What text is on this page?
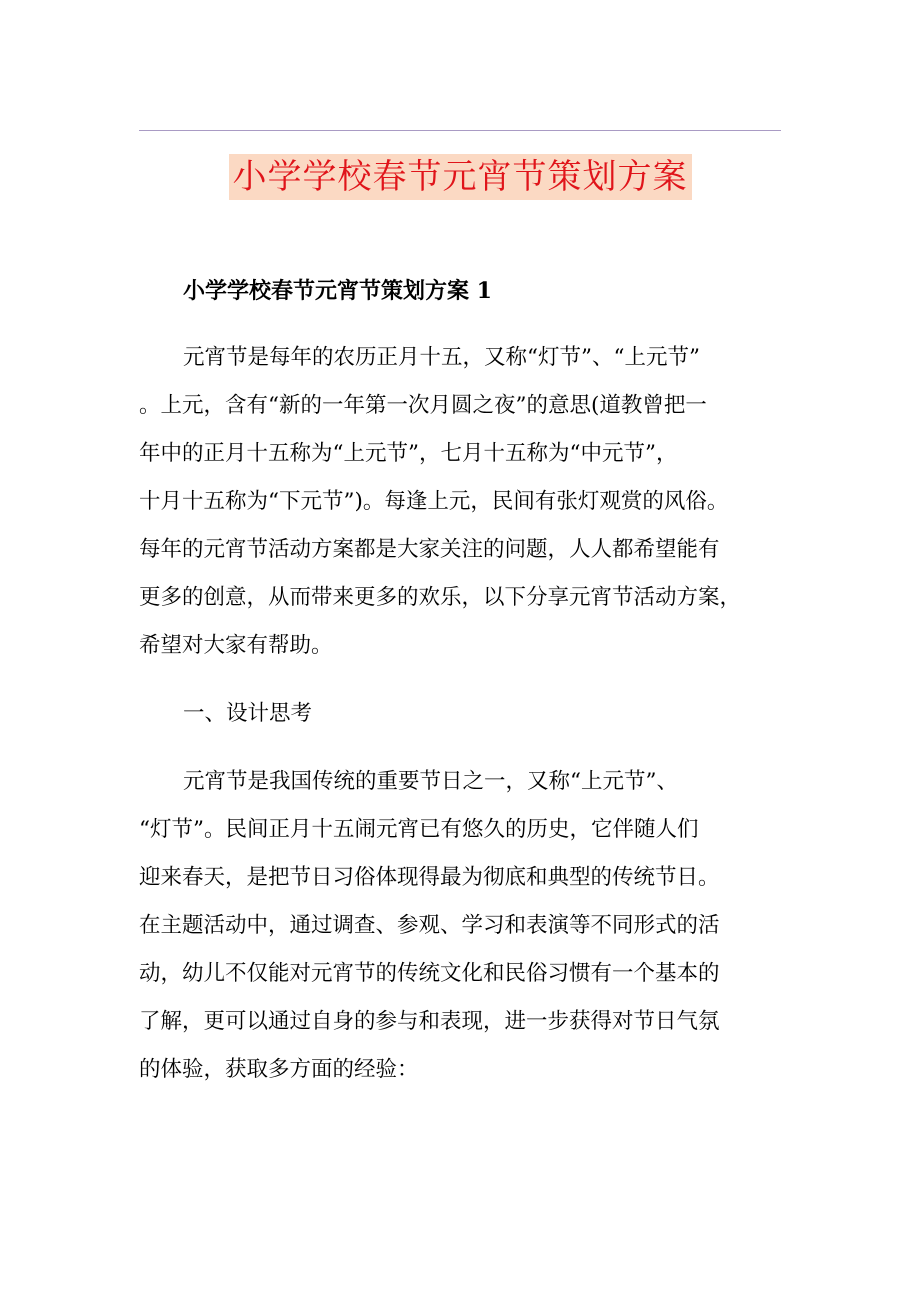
小学学校春节元宵节策划方案

小学学校春节元宵节策划方案 1

元宵节是每年的农历正月十五，又称“灯节”、“上元节”
。上元，含有“新的一年第一次月圆之夜”的意思(道教曾把一
年中的正月十五称为“上元节”，七月十五称为“中元节”，
十月十五称为“下元节”)。每逢上元，民间有张灯观赏的风俗。
每年的元宵节活动方案都是大家关注的问题，人人都希望能有
更多的创意，从而带来更多的欢乐，以下分享元宵节活动方案，
希望对大家有帮助。

一、设计思考

元宵节是我国传统的重要节日之一，又称“上元节”、
“灯节”。民间正月十五闹元宵已有悠久的历史，它伴随人们
迎来春天，是把节日习俗体现得最为彻底和典型的传统节日。
在主题活动中，通过调查、参观、学习和表演等不同形式的活
动，幼儿不仅能对元宵节的传统文化和民俗习惯有一个基本的
了解，更可以通过自身的参与和表现，进一步获得对节日气氛
的体验，获取多方面的经验：
